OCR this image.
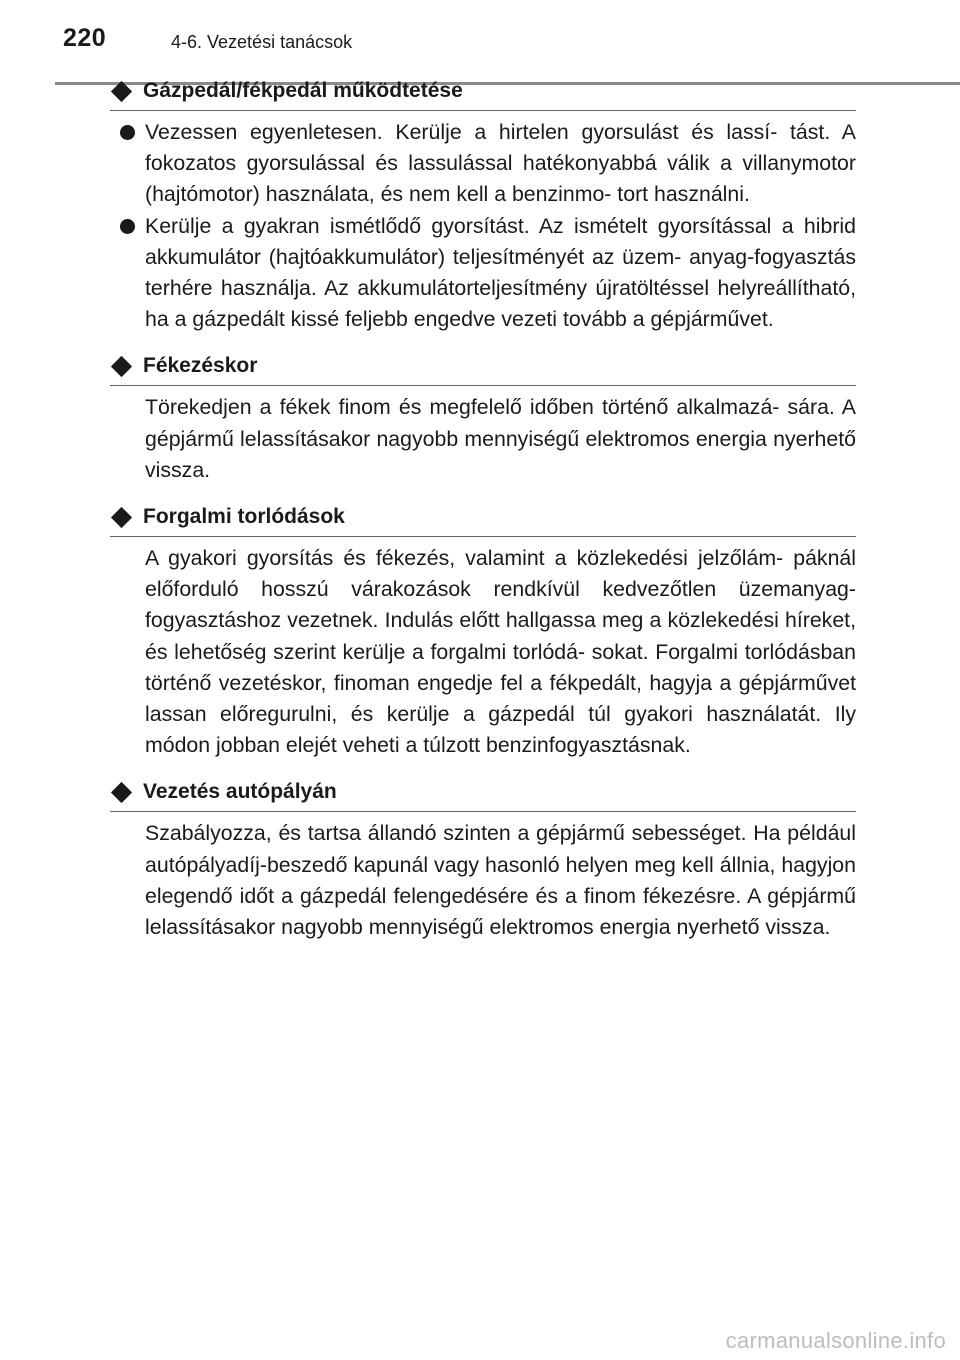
220	4-6. Vezetési tanácsok
Gázpedál/fékpedál működtetése

Vezessen egyenletesen. Kerülje a hirtelen gyorsulást és lassí- tást. A fokozatos gyorsulással és lassulással hatékonyabbá válik a villanymotor (hajtómotor) használata, és nem kell a benzinmo- tort használni.

Kerülje a gyakran ismétlődő gyorsítást. Az ismételt gyorsítással a hibrid akkumulátor (hajtóakkumulátor) teljesítményét az üzem- anyag-fogyasztás terhére használja. Az akkumulátorteljesítmény újratöltéssel helyreállítható, ha a gázpedált kissé feljebb engedve vezeti tovább a gépjárművet.

Fékezéskor

Törekedjen a fékek finom és megfelelő időben történő alkalmazá- sára. A gépjármű lelassításakor nagyobb mennyiségű elektromos energia nyerhető vissza.

Forgalmi torlódások

A gyakori gyorsítás és fékezés, valamint a közlekedési jelzőlám- páknál előforduló hosszú várakozások rendkívül kedvezőtlen üzemanyag-fogyasztáshoz vezetnek. Indulás előtt hallgassa meg a közlekedési híreket, és lehetőség szerint kerülje a forgalmi torlódá- sokat. Forgalmi torlódásban történő vezetéskor, finoman engedje fel a fékpedált, hagyja a gépjárművet lassan előregurulni, és kerülje a gázpedál túl gyakori használatát. Ily módon jobban elejét veheti a túlzott benzinfogyasztásnak.

Vezetés autópályán

Szabályozza, és tartsa állandó szinten a gépjármű sebességet. Ha például autópályadíj-beszedő kapunál vagy hasonló helyen meg kell állnia, hagyjon elegendő időt a gázpedál felengedésére és a finom fékezésre. A gépjármű lelassításakor nagyobb mennyiségű elektromos energia nyerhető vissza.

carmanualsonline.info
